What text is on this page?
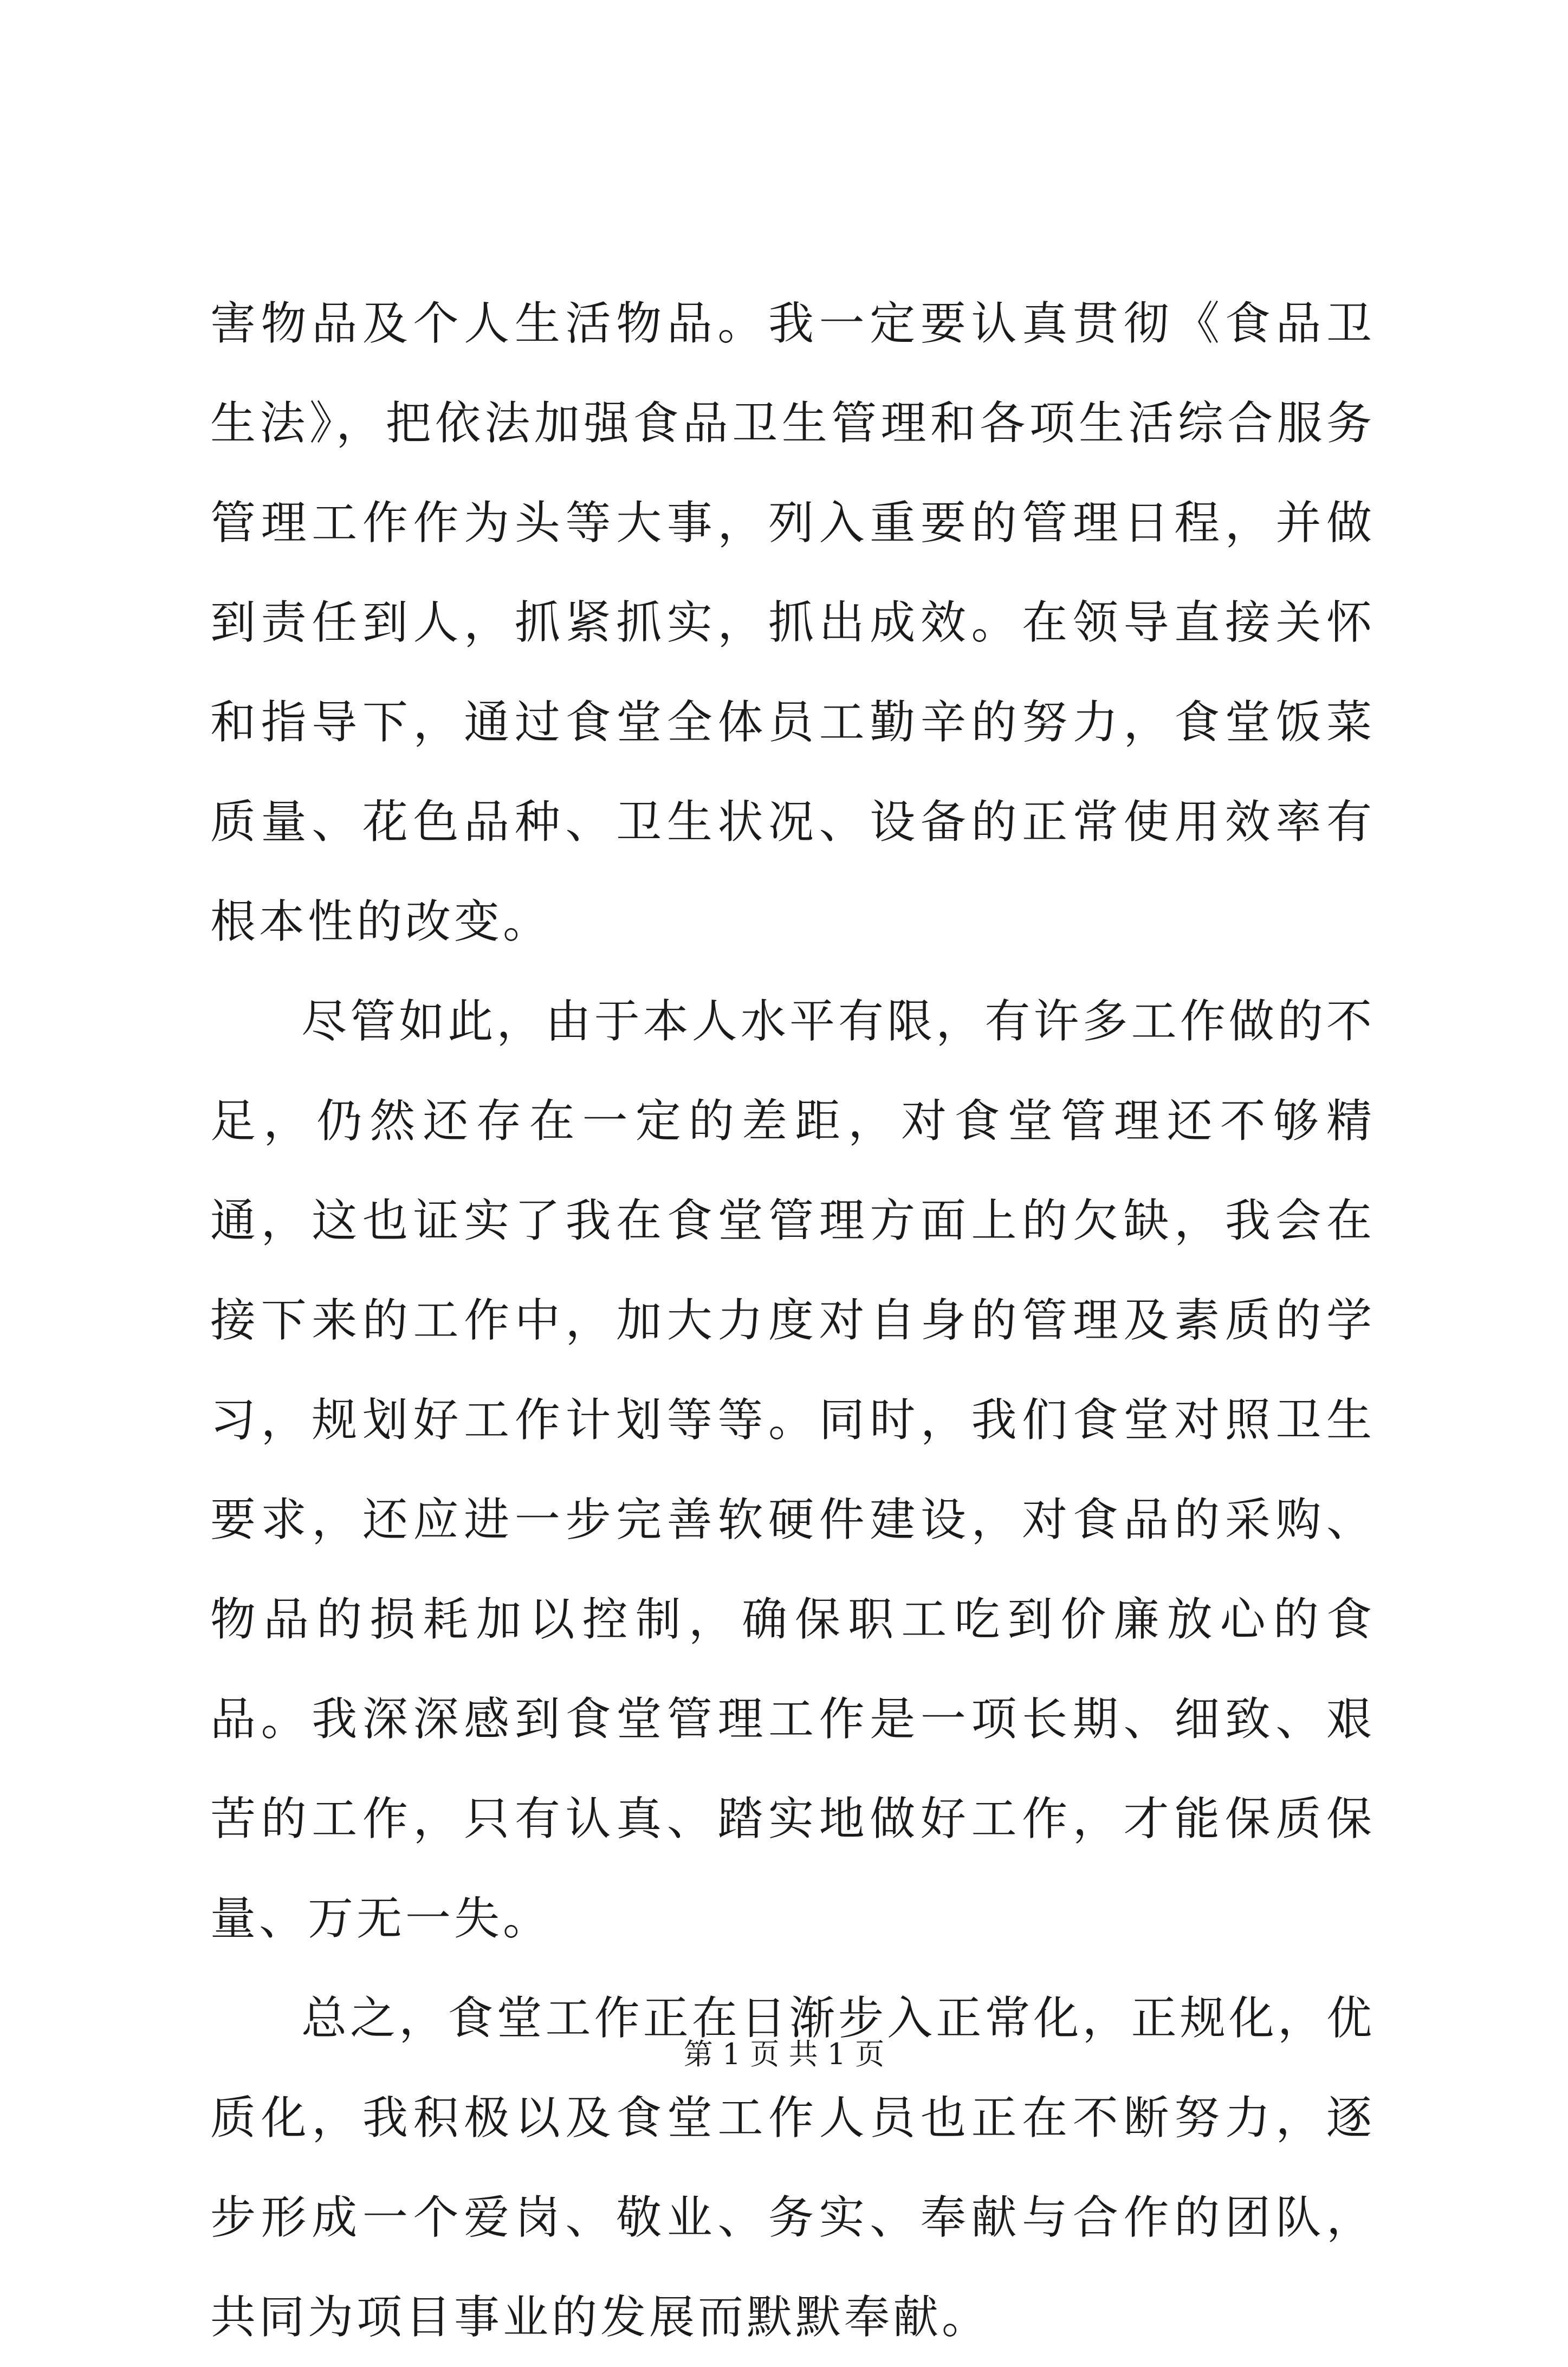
害物品及个人生活物品。我一定要认真贯彻《食品卫生法》，把依法加强食品卫生管理和各项生活综合服务管理工作作为头等大事，列入重要的管理日程，并做到责任到人，抓紧抓实，抓出成效。在领导直接关怀和指导下，通过食堂全体员工勤辛的努力，食堂饭菜质量、花色品种、卫生状况、设备的正常使用效率有根本性的改变。

尽管如此，由于本人水平有限，有许多工作做的不足，仍然还存在一定的差距，对食堂管理还不够精通，这也证实了我在食堂管理方面上的欠缺，我会在接下来的工作中，加大力度对自身的管理及素质的学习，规划好工作计划等等。同时，我们食堂对照卫生要求，还应进一步完善软硬件建设，对食品的采购、物品的损耗加以控制，确保职工吃到价廉放心的食品。我深深感到食堂管理工作是一项长期、细致、艰苦的工作，只有认真、踏实地做好工作，才能保质保量、万无一失。

总之，食堂工作正在日渐步入正常化，正规化，优质化，我积极以及食堂工作人员也正在不断努力，逐步形成一个爱岗、敬业、务实、奉献与合作的团队，共同为项目事业的发展而默默奉献。

第 1 页 共 1 页
